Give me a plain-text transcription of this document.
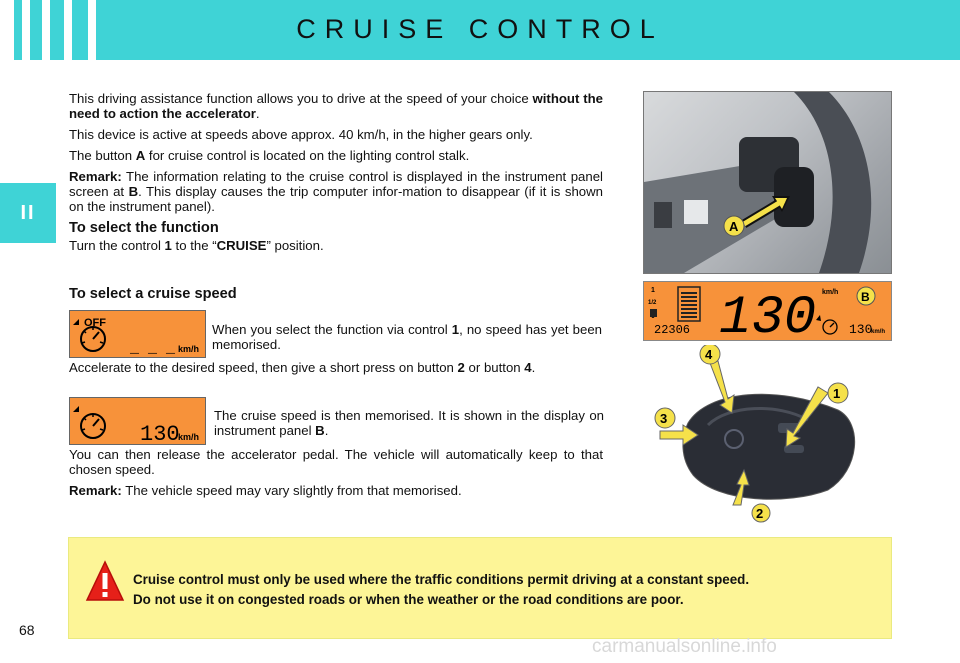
CRUISE CONTROL
II

This driving assistance function allows you to drive at the speed of your choice without the need to action the accelerator.

This device is active at speeds above approx. 40 km/h, in the higher gears only.

The button A for cruise control is located on the lighting control stalk.

Remark: The information relating to the cruise control is displayed in the instrument panel screen at B. This display causes the trip computer infor-mation to disappear (if it is shown on the instrument panel).

To select the function
Turn the control 1 to the “CRUISE” position.
To select a cruise speed
OFF
_ _ _ km/h
When you select the function via control 1, no speed has yet been memorised.
Accelerate to the desired speed, then give a short press on button 2 or button 4.
130
km/h
The cruise speed is then memorised. It is shown in the display on instrument panel B.

You can then release the accelerator pedal. The vehicle will automatically keep to that chosen speed.

Remark: The vehicle speed may vary slightly from that memorised.

A
1
1/2
22306 130 km/h
130
km/h
B
4
1
3
2
Cruise control must only be used where the traffic conditions permit driving at a constant speed.
Do not use it on congested roads or when the weather or the road conditions are poor.
68
carmanualsonline.info
